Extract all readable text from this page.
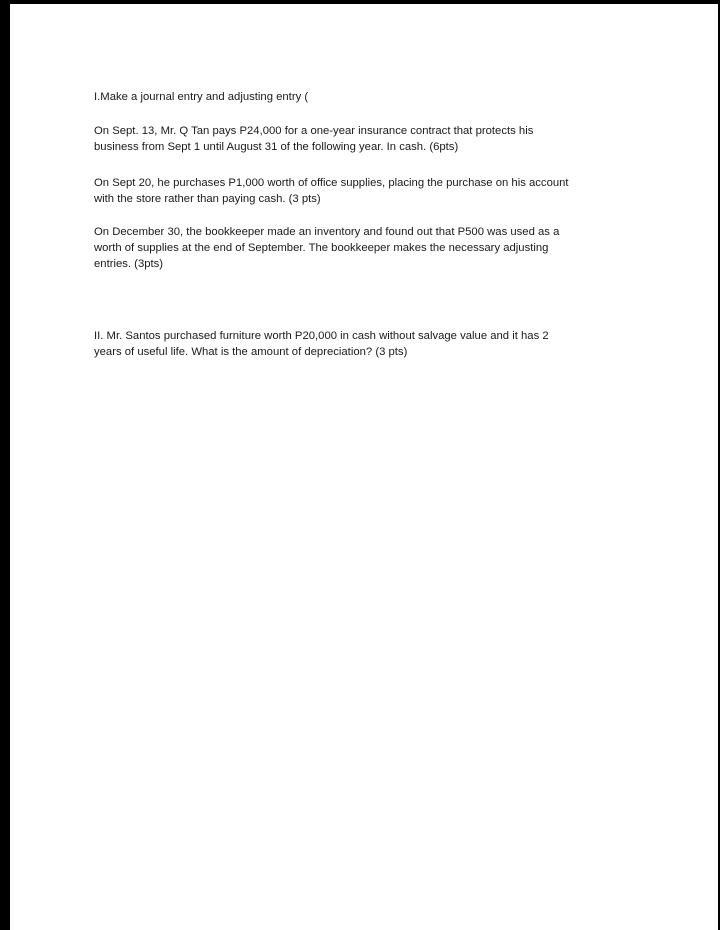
I.Make a journal entry and adjusting entry (

On Sept. 13, Mr. Q Tan pays P24,000 for a one-year insurance contract that protects his
business from Sept 1 until August 31 of the following year. In cash. (6pts)

On Sept 20, he purchases P1,000 worth of office supplies, placing the purchase on his account
with the store rather than paying cash. (3 pts)

On December 30, the bookkeeper made an inventory and found out that P500 was used as a
worth of supplies at the end of September. The bookkeeper makes the necessary adjusting
entries. (3pts)

II. Mr. Santos purchased furniture worth P20,000 in cash without salvage value and it has 2
years of useful life. What is the amount of depreciation? (3 pts)
